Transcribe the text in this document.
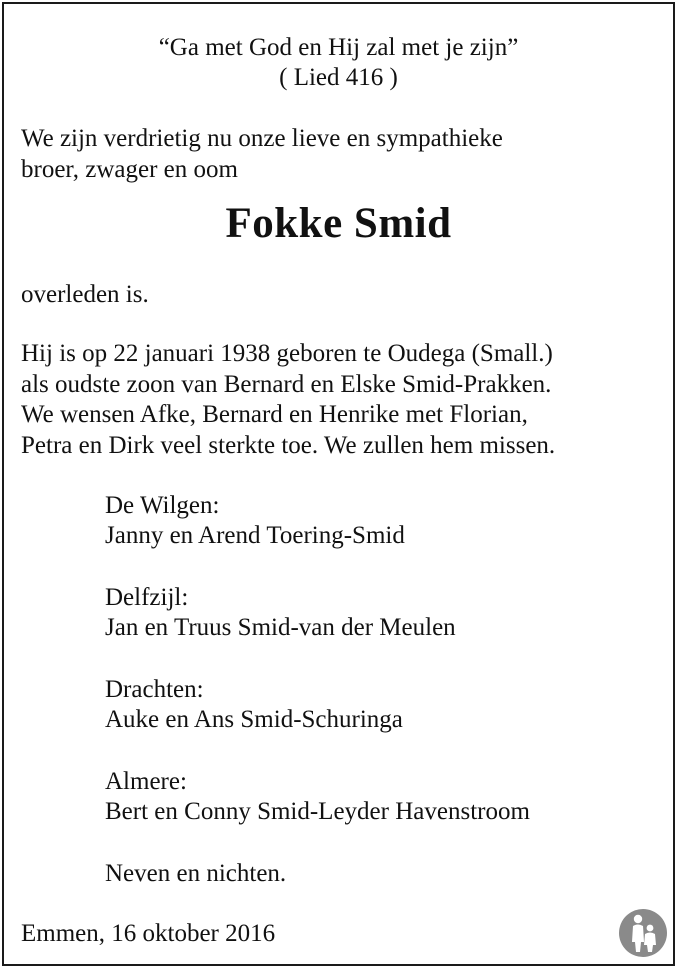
“Ga met God en Hij zal met je zijn”

( Lied 416 )

We zijn verdrietig nu onze lieve en sympathieke

broer, zwager en oom

Fokke Smid

overleden is.

Hij is op 22 januari 1938 geboren te Oudega (Small.)

als oudste zoon van Bernard en Elske Smid-Prakken.

We wensen Afke, Bernard en Henrike met Florian,

Petra en Dirk veel sterkte toe. We zullen hem missen.

De Wilgen:

Janny en Arend Toering-Smid

Delfzijl:

Jan en Truus Smid-van der Meulen

Drachten:

Auke en Ans Smid-Schuringa

Almere:

Bert en Conny Smid-Leyder Havenstroom

Neven en nichten.

Emmen, 16 oktober 2016
